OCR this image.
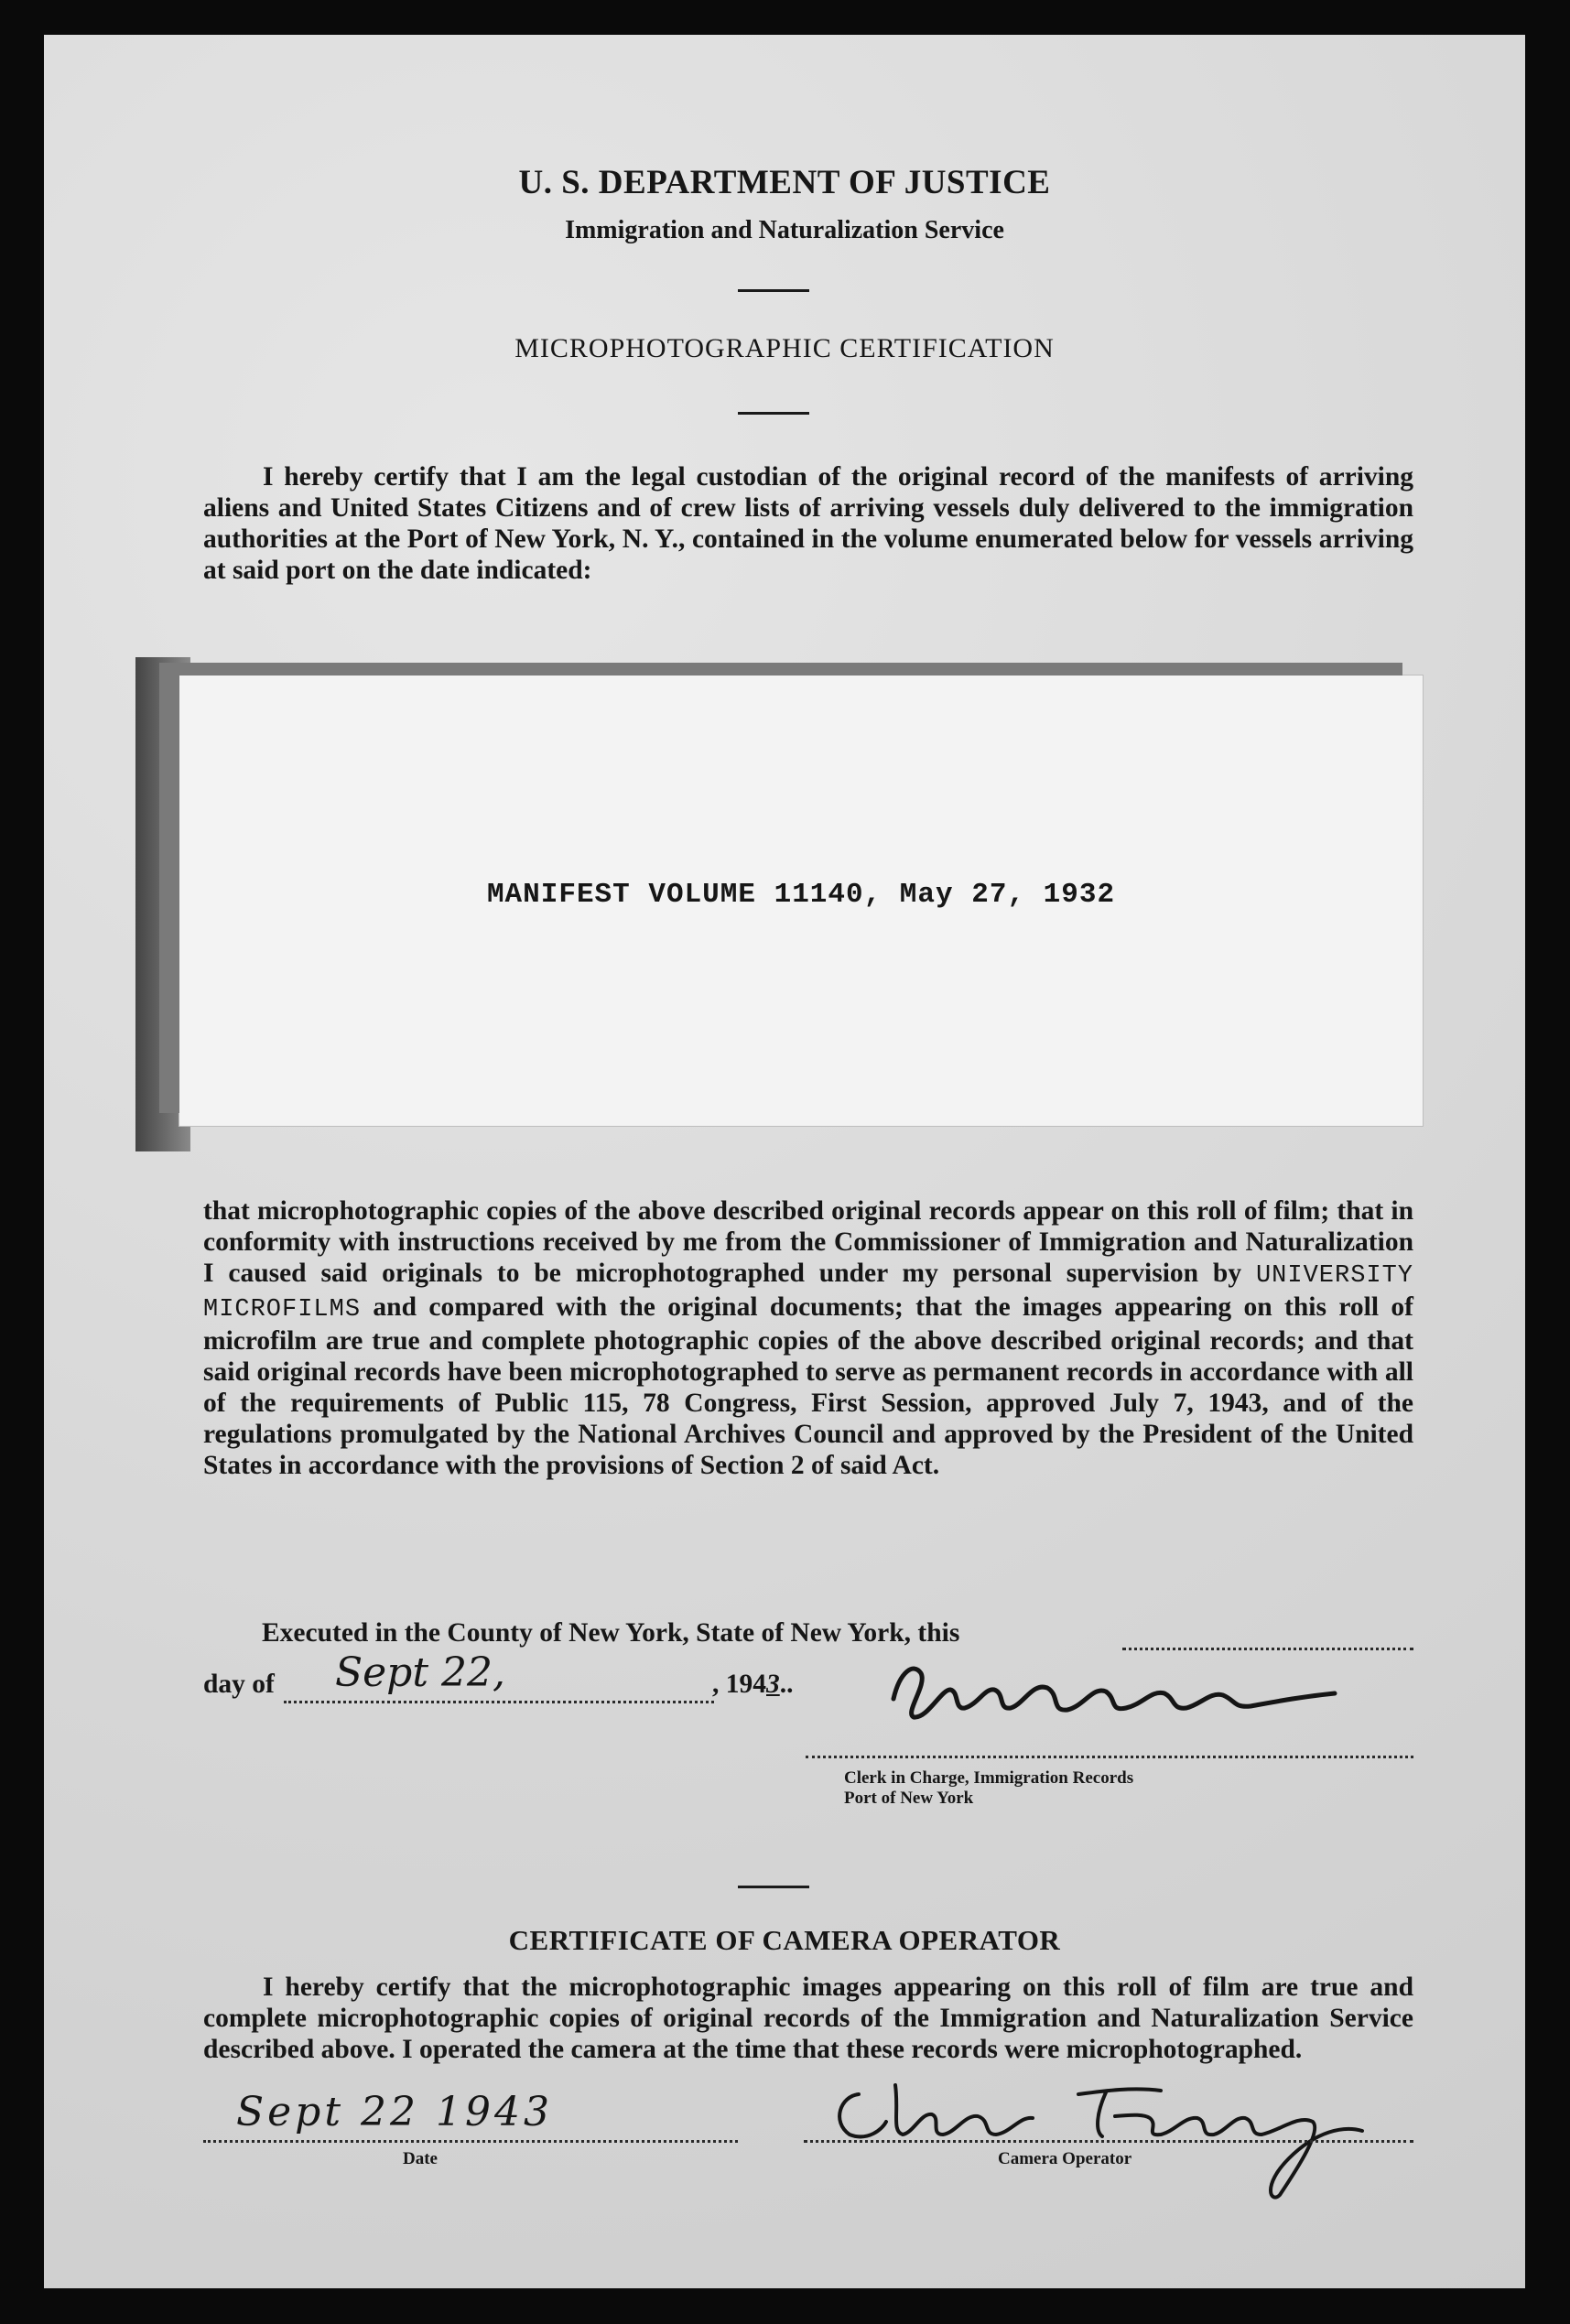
U. S. DEPARTMENT OF JUSTICE
Immigration and Naturalization Service
MICROPHOTOGRAPHIC CERTIFICATION
I hereby certify that I am the legal custodian of the original record of the manifests of arriving aliens and United States Citizens and of crew lists of arriving vessels duly delivered to the immigration authorities at the Port of New York, N. Y., contained in the volume enumerated below for vessels arriving at said port on the date indicated:
MANIFEST VOLUME 11140, May 27, 1932
that microphotographic copies of the above described original records appear on this roll of film; that in conformity with instructions received by me from the Commissioner of Immigration and Naturalization I caused said originals to be microphotographed under my personal supervision by UNIVERSITY MICROFILMS and compared with the original documents; that the images appearing on this roll of microfilm are true and complete photographic copies of the above described original records; and that said original records have been microphotographed to serve as permanent records in accordance with all of the requirements of Public 115, 78 Congress, First Session, approved July 7, 1943, and of the regulations promulgated by the National Archives Council and approved by the President of the United States in accordance with the provisions of Section 2 of said Act.
Executed in the County of New York, State of New York, this
day of Sept 22,	, 1943..
Clerk in Charge, Immigration Records
Port of New York
CERTIFICATE OF CAMERA OPERATOR
I hereby certify that the microphotographic images appearing on this roll of film are true and complete microphotographic copies of original records of the Immigration and Naturalization Service described above. I operated the camera at the time that these records were microphotographed.
Sept 22 1943
Date	Camera Operator
